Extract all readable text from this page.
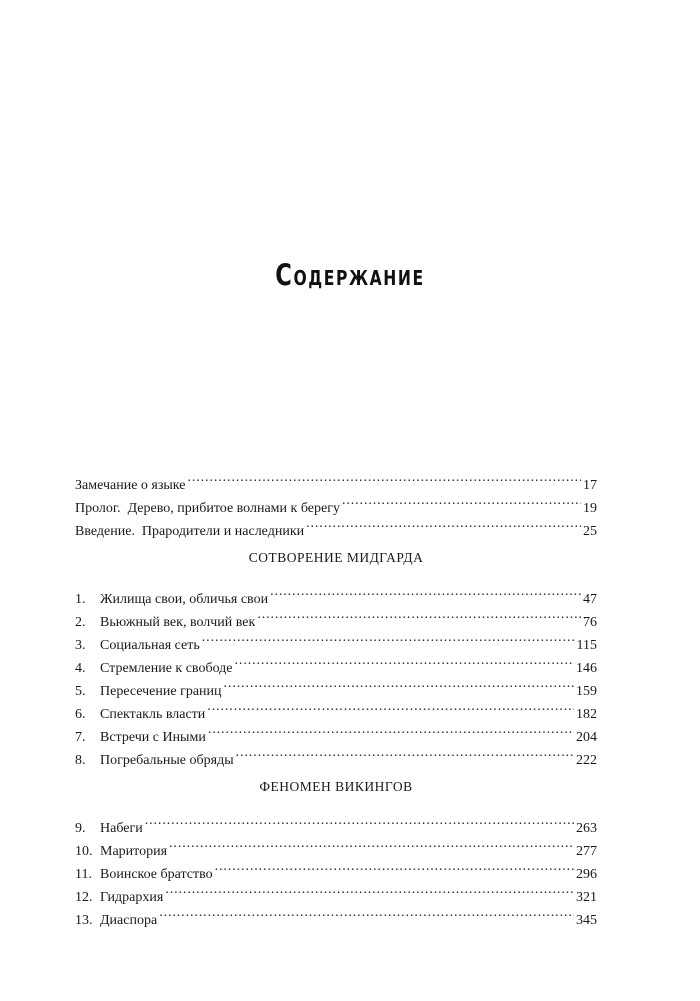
Содержание
Замечание о языке .....	17
Пролог.  Дерево, прибитое волнами к берегу .....	19
Введение.  Прародители и наследники .....	25
СОТВОРЕНИЕ МИДГАРДА
1.	Жилища свои, обличья свои .....	47
2.	Вьюжный век, волчий век .....	76
3.	Социальная сеть .....	115
4.	Стремление к свободе .....	146
5.	Пересечение границ .....	159
6.	Спектакль власти .....	182
7.	Встречи с Иными .....	204
8.	Погребальные обряды .....	222
ФЕНОМЕН ВИКИНГОВ
9.	Набеги .....	263
10. Маритория .....	277
11. Воинское братство .....	296
12. Гидрархия .....	321
13. Диаспора .....	345
